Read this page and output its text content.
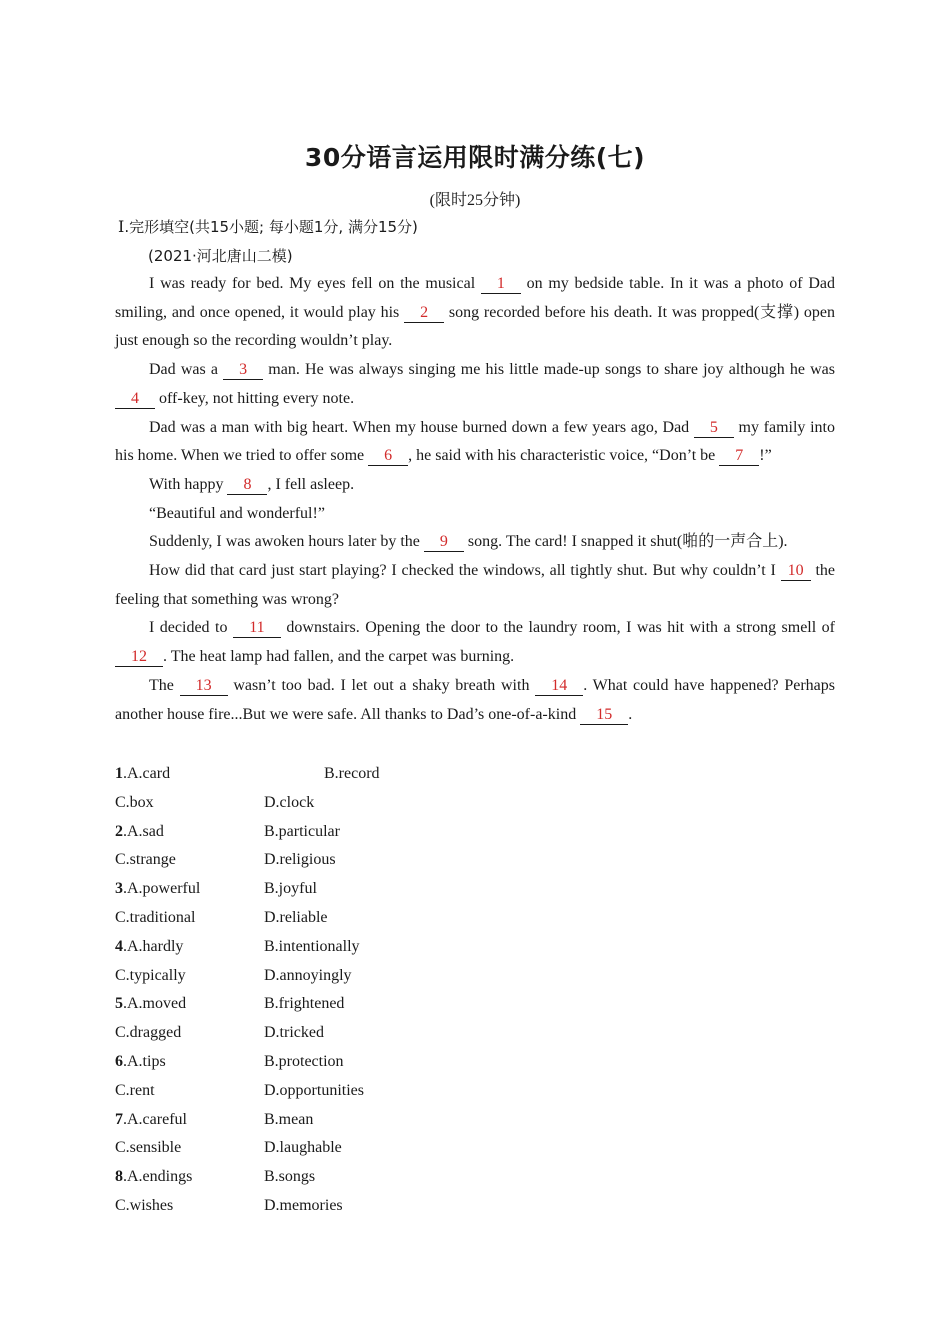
30分语言运用限时满分练(七)
(限时25分钟)
Ⅰ.完形填空(共15小题; 每小题1分, 满分15分)
(2021·河北唐山二模)

I was ready for bed. My eyes fell on the musical 1 on my bedside table. In it was a photo of Dad smiling, and once opened, it would play his 2 song recorded before his death. It was propped(支撑) open just enough so the recording wouldn’t play.

Dad was a 3 man. He was always singing me his little made-up songs to share joy although he was 4 off-key, not hitting every note.

Dad was a man with big heart. When my house burned down a few years ago, Dad 5 my family into his home. When we tried to offer some 6 , he said with his characteristic voice, “Don’t be 7 !”

With happy 8 , I fell asleep.

“Beautiful and wonderful!”

Suddenly, I was awoken hours later by the 9 song. The card! I snapped it shut(啪的一声合上).

How did that card just start playing? I checked the windows, all tightly shut. But why couldn’t I 10 the feeling that something was wrong?

I decided to 11 downstairs. Opening the door to the laundry room, I was hit with a strong smell of 12 . The heat lamp had fallen, and the carpet was burning.

The 13 wasn’t too bad. I let out a shaky breath with 14 . What could have happened? Perhaps another house fire...But we were safe. All thanks to Dad’s one-of-a-kind 15 .

1.A.card	B.record
C.box	D.clock
2.A.sad	B.particular
C.strange	D.religious
3.A.powerful	B.joyful
C.traditional	D.reliable
4.A.hardly	B.intentionally
C.typically	D.annoyingly
5.A.moved	B.frightened
C.dragged	D.tricked
6.A.tips	B.protection
C.rent	D.opportunities
7.A.careful	B.mean
C.sensible	D.laughable
8.A.endings	B.songs
C.wishes	D.memories
